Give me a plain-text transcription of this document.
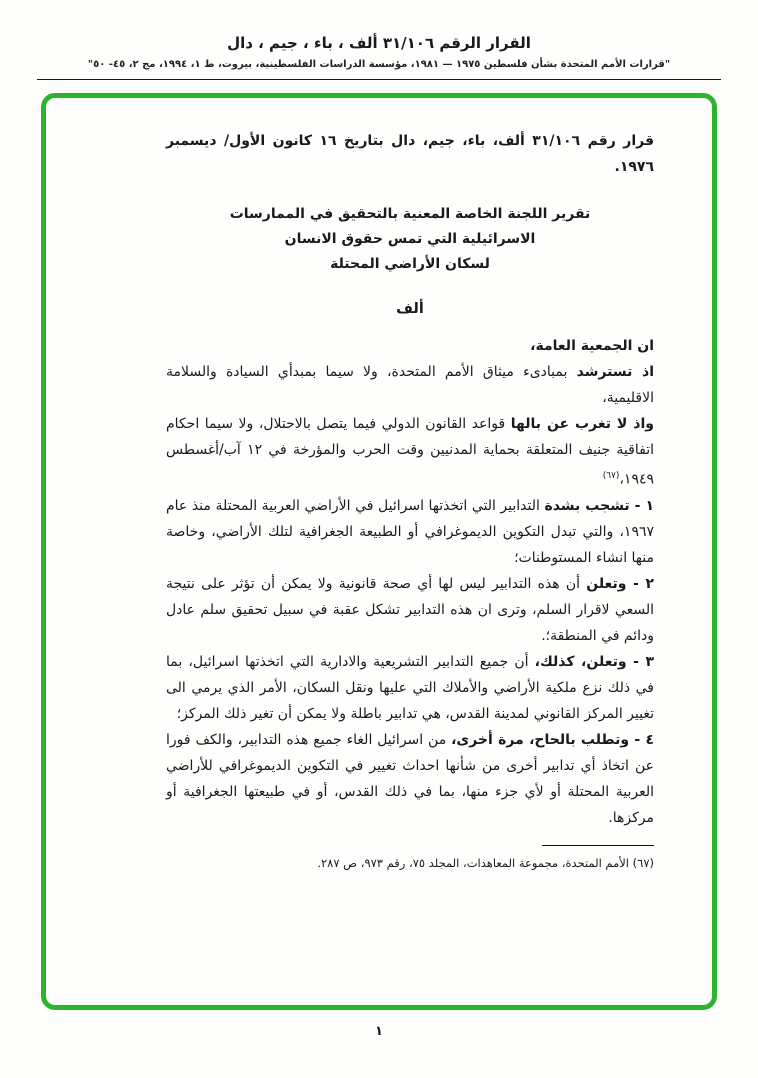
القرار الرقم ٣١/١٠٦ ألف ، باء ، جيم ، دال
"قرارات الأمم المتحدة بشأن فلسطين ١٩٧٥ — ١٩٨١، مؤسسة الدراسات الفلسطينية، بيروت، ط ١، ١٩٩٤، مج ٢، ٤٥- ٥٠"

قرار رقم ٣١/١٠٦ ألف، باء، جيم، دال بتاريخ ١٦ كانون الأول/ ديسمبر ١٩٧٦.

تقرير اللجنة الخاصة المعنية بالتحقيق في الممارسات
الاسرائيلية التي تمس حقوق الانسان
لسكان الأراضي المحتلة
ألف

ان الجمعية العامة،

اذ تسترشد بمبادىء ميثاق الأمم المتحدة، ولا سيما بمبدأي السيادة والسلامة الاقليمية،

واذ لا تغرب عن بالها قواعد القانون الدولي فيما يتصل بالاحتلال، ولا سيما احكام اتفاقية جنيف المتعلقة بحماية المدنيين وقت الحرب والمؤرخة في ١٢ آب/أغسطس ١٩٤٩،$^{(٦٧)}$

١ - تشجب بشدة التدابير التي اتخذتها اسرائيل في الأراضي العربية المحتلة منذ عام ١٩٦٧، والتي تبدل التكوين الديموغرافي أو الطبيعة الجغرافية لتلك الأراضي، وخاصة منها انشاء المستوطنات؛

٢ - وتعلن أن هذه التدابير ليس لها أي صحة قانونية ولا يمكن أن تؤثر على نتيجة السعي لاقرار السلم، وترى ان هذه التدابير تشكل عقبة في سبيل تحقيق سلم عادل ودائم في المنطقة؛.

٣ - وتعلن، كذلك، أن جميع التدابير التشريعية والادارية التي اتخذتها اسرائيل، بما في ذلك نزع ملكية الأراضي والأملاك التي عليها ونقل السكان، الأمر الذي يرمي الى تغيير المركز القانوني لمدينة القدس، هي تدابير باطلة ولا يمكن أن تغير ذلك المركز؛

٤ - وتطلب بالحاح، مرة أخرى، من اسرائيل الغاء جميع هذه التدابير، والكف فورا عن اتخاذ أي تدابير أخرى من شأنها احداث تغيير في التكوين الديموغرافي للأراضي العربية المحتلة أو لأي جزء منها، بما في ذلك القدس، أو في طبيعتها الجغرافية أو مركزها.

(٦٧) الأمم المتحدة، مجموعة المعاهدات، المجلد ٧٥، رقم ٩٧٣، ص ٢٨٧.

١
